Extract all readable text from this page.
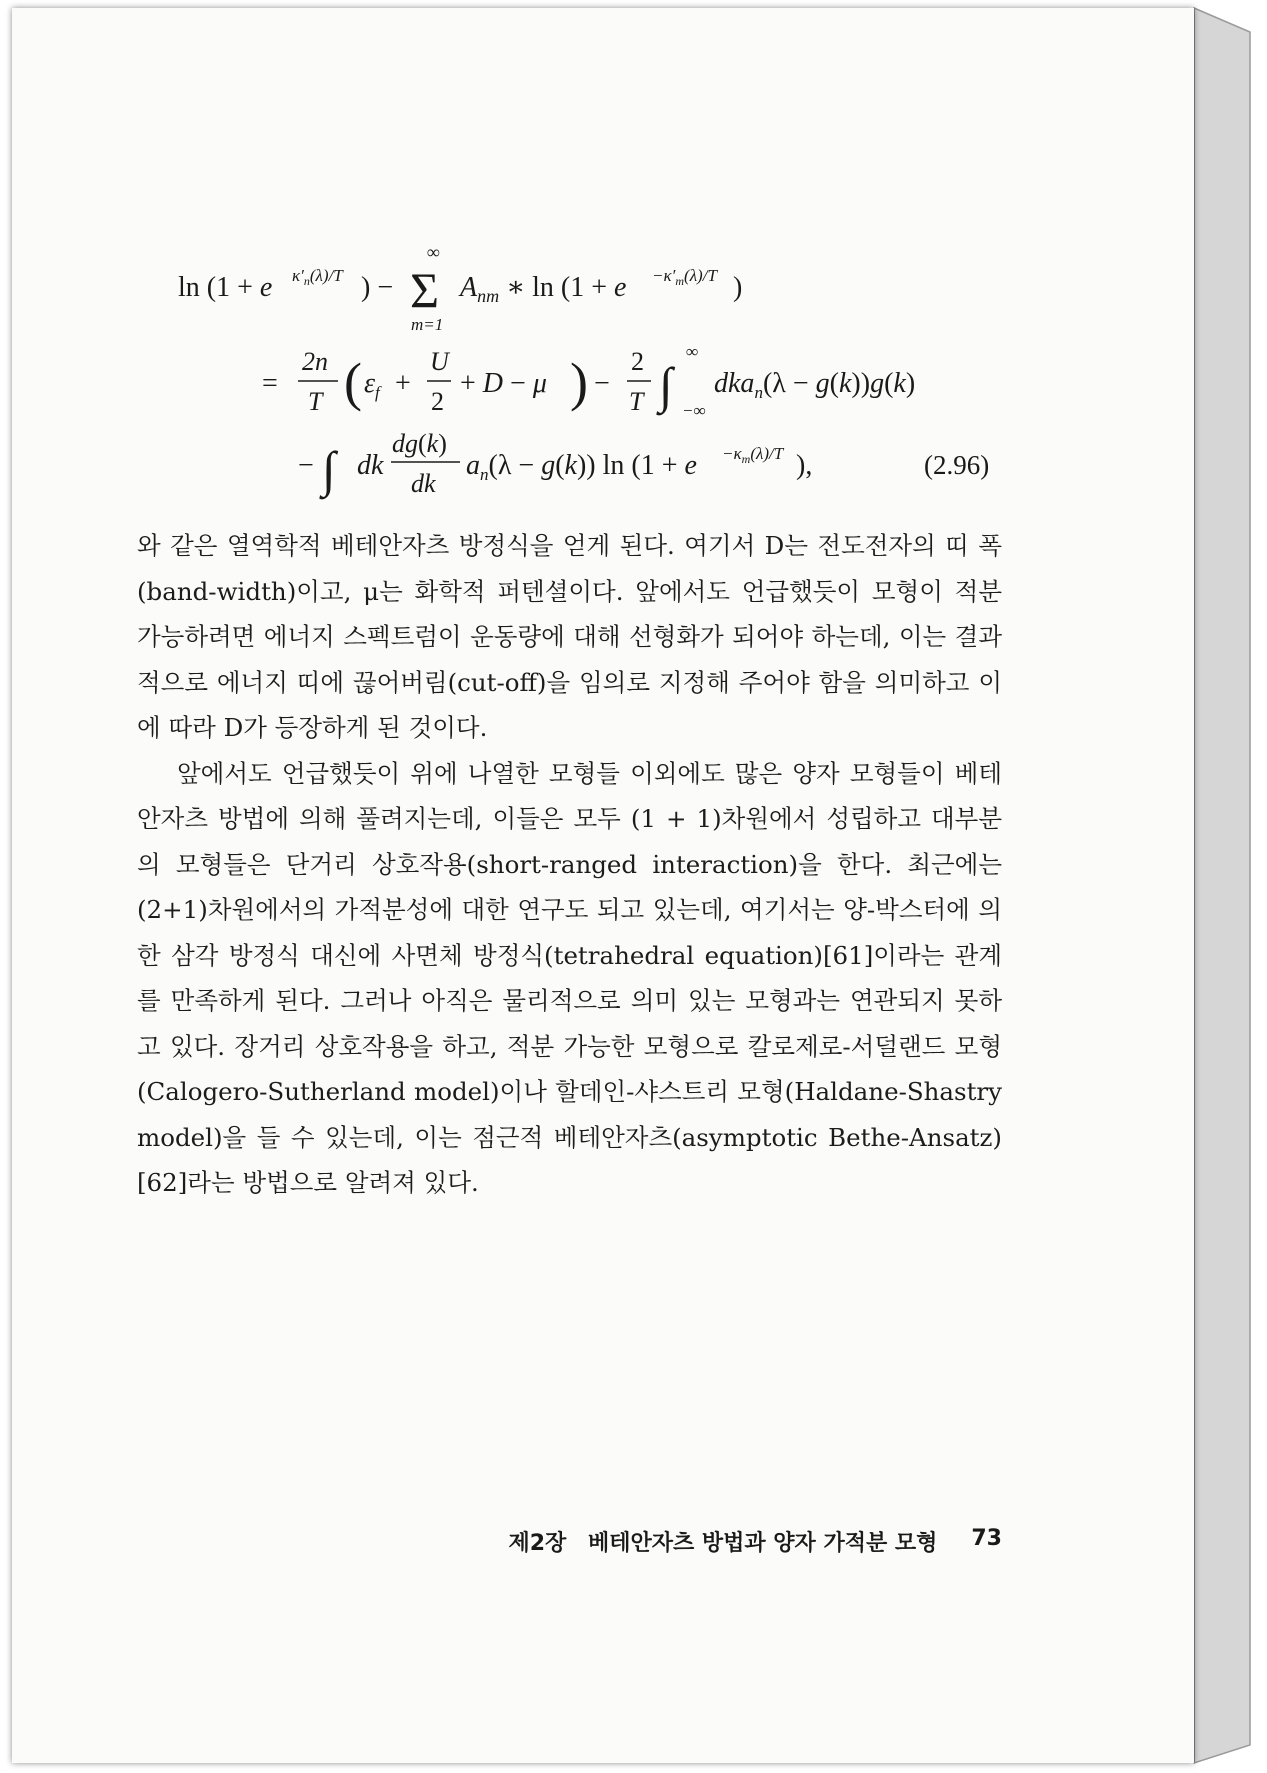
ln (1 + e $\kappa'_n(\lambda)/T$ ) −
∞
Σ
m=1
$A_{nm}$ ∗ $\ln (1 + e -\kappa'_m(\lambda)/T$ )
=
2n
T ( $\varepsilon_f$ +
U
2
+ D − μ ) −
2
T ∫
∞
−∞
dka$_n$(λ − g(k))g(k)
− ∫ dk
dg(k)
dk
$a_n(\lambda - g(k))$ $\ln (1 + e -\kappa_m(\lambda)/T$ ),	(2.96)

와 같은 열역학적 베테안자츠 방정식을 얻게 된다. 여기서 D는 전도전자의 띠 폭(band-width)이고, μ는 화학적 퍼텐셜이다. 앞에서도 언급했듯이 모형이 적분 가능하려면 에너지 스펙트럼이 운동량에 대해 선형화가 되어야 하는데, 이는 결과적으로 에너지 띠에 끊어버림(cut-off)을 임의로 지정해 주어야 함을 의미하고 이에 따라 D가 등장하게 된 것이다.

앞에서도 언급했듯이 위에 나열한 모형들 이외에도 많은 양자 모형들이 베테안자츠 방법에 의해 풀려지는데, 이들은 모두 (1 + 1)차원에서 성립하고 대부분의 모형들은 단거리 상호작용(short-ranged interaction)을 한다. 최근에는 (2+1)차원에서의 가적분성에 대한 연구도 되고 있는데, 여기서는 양-박스터에 의한 삼각 방정식 대신에 사면체 방정식(tetrahedral equation)[61]이라는 관계를 만족하게 된다. 그러나 아직은 물리적으로 의미 있는 모형과는 연관되지 못하고 있다. 장거리 상호작용을 하고, 적분 가능한 모형으로 칼로제로-서덜랜드 모형(Calogero-Sutherland model)이나 할데인-샤스트리 모형(Haldane-Shastry model)을 들 수 있는데, 이는 점근적 베테안자츠(asymptotic Bethe-Ansatz)[62]라는 방법으로 알려져 있다.

제2장 베테안자츠 방법과 양자 가적분 모형 73
